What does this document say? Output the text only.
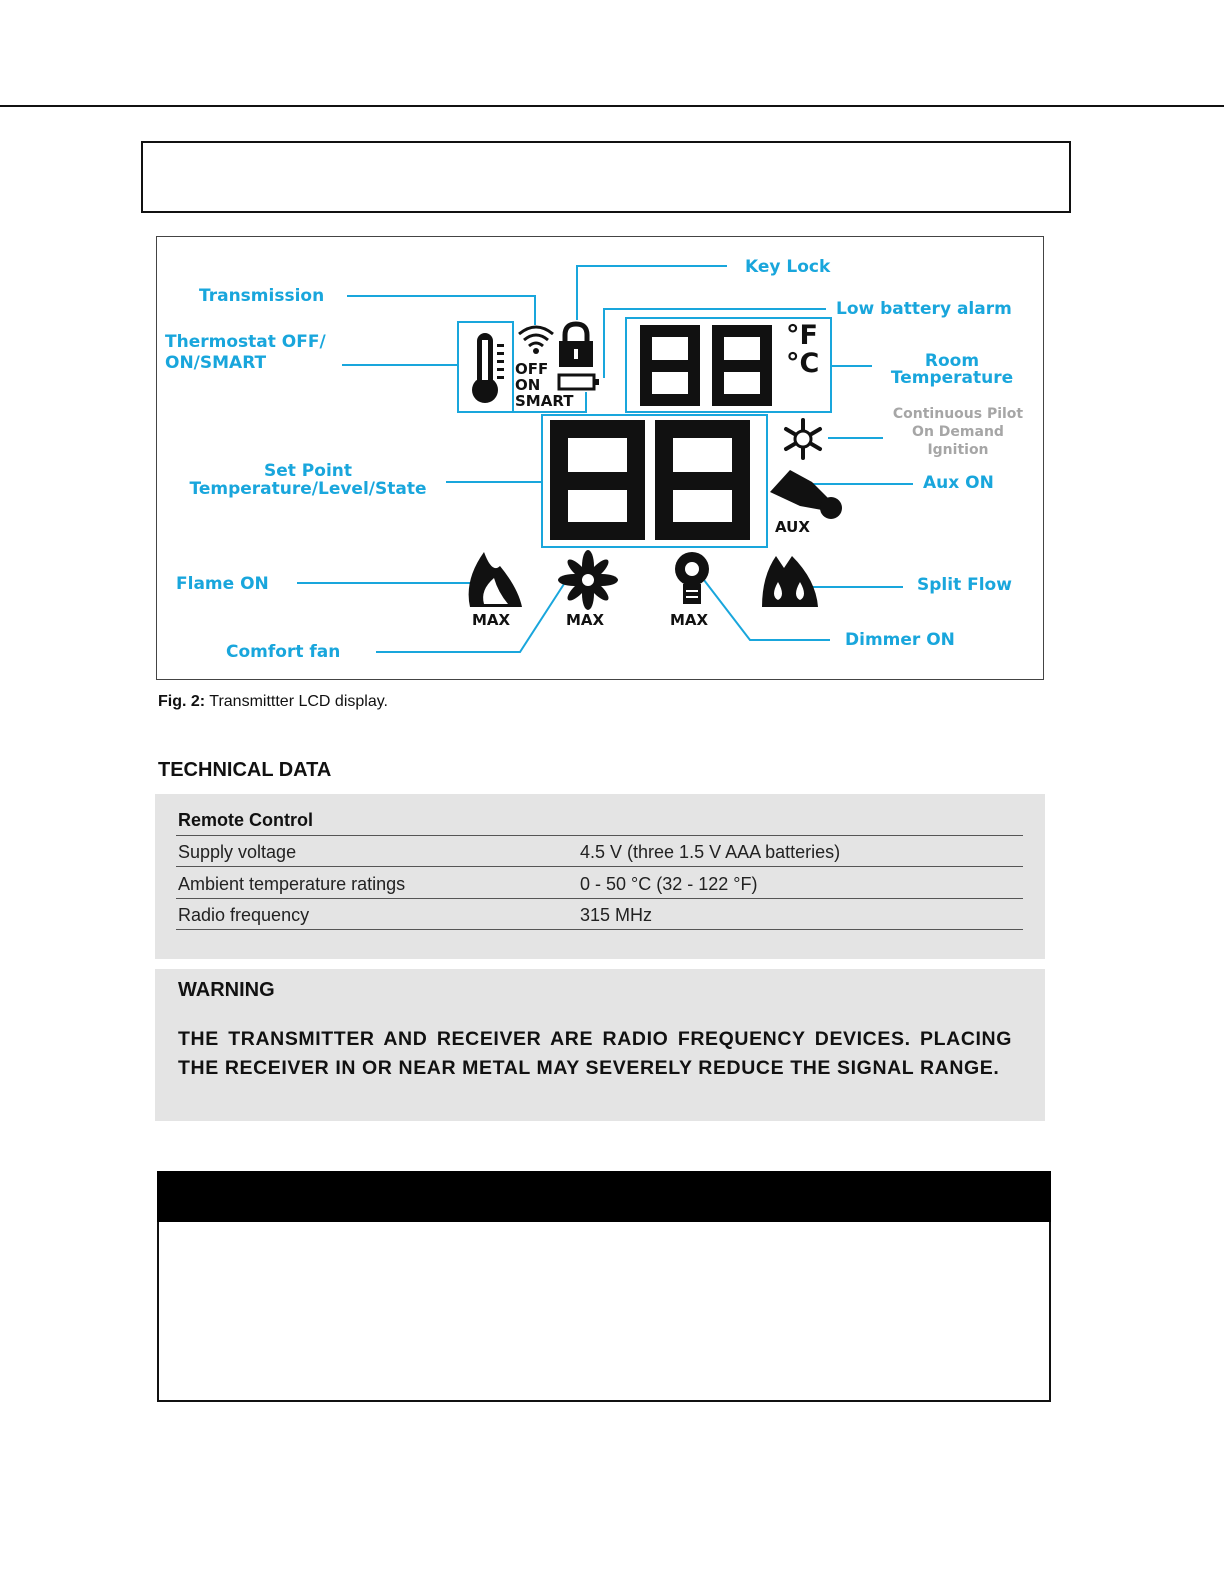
OFF
ON
SMART
°F
°C
AUX
MAX	MAX	MAX
Transmission
Key Lock
Low battery alarm
Thermostat OFF/
ON/SMART	Room
Temperature
Continuous Pilot
On Demand
Ignition
Set Point
Temperature/Level/State	Aux ON
Flame ON	Split Flow
Comfort fan
Dimmer ON
Fig. 2: Transmittter LCD display.
TECHNICAL DATA
Remote Control
Supply voltage	4.5 V (three 1.5 V AAA batteries)
Ambient temperature ratings	0 - 50 °C (32 - 122 °F)
Radio frequency	315 MHz
WARNING
THE TRANSMITTER AND RECEIVER ARE RADIO FREQUENCY DEVICES. PLACING THE RECEIVER IN OR NEAR METAL MAY SEVERELY REDUCE THE SIGNAL RANGE.
